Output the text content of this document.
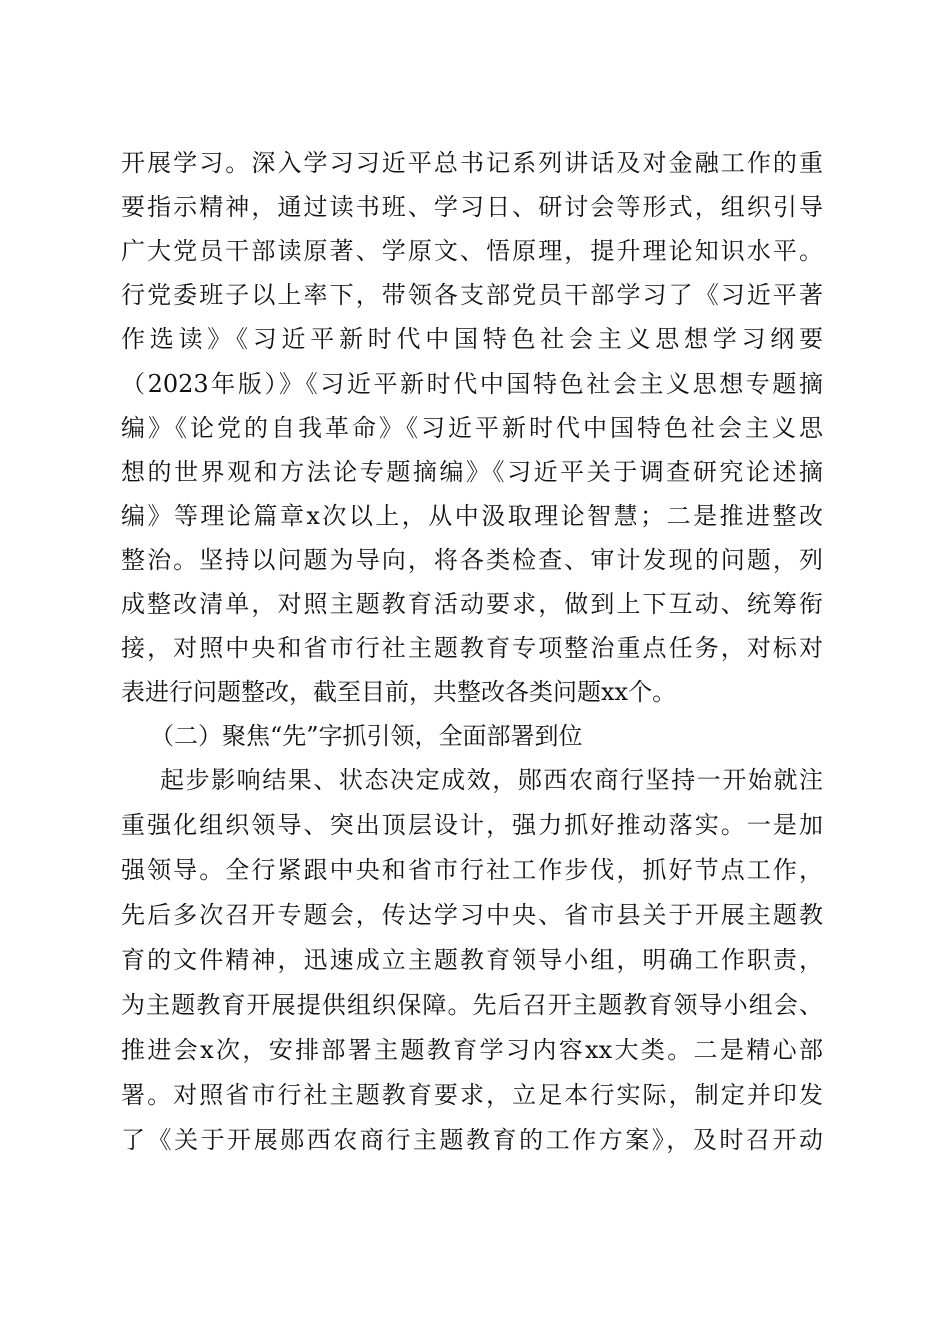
开展学习。深入学习习近平总书记系列讲话及对金融工作的重
要指示精神，通过读书班、学习日、研讨会等形式，组织引导
广大党员干部读原著、学原文、悟原理，提升理论知识水平。
行党委班子以上率下，带领各支部党员干部学习了《习近平著
作选读》《习近平新时代中国特色社会主义思想学习纲要
（2023年版）》《习近平新时代中国特色社会主义思想专题摘
编》《论党的自我革命》《习近平新时代中国特色社会主义思
想的世界观和方法论专题摘编》《习近平关于调查研究论述摘
编》等理论篇章x次以上，从中汲取理论智慧；二是推进整改
整治。坚持以问题为导向，将各类检查、审计发现的问题，列
成整改清单，对照主题教育活动要求，做到上下互动、统筹衔
接，对照中央和省市行社主题教育专项整治重点任务，对标对
表进行问题整改，截至目前，共整改各类问题xx个。
（二）聚焦“先”字抓引领，全面部署到位
起步影响结果、状态决定成效，郧西农商行坚持一开始就注
重强化组织领导、突出顶层设计，强力抓好推动落实。一是加
强领导。全行紧跟中央和省市行社工作步伐，抓好节点工作，
先后多次召开专题会，传达学习中央、省市县关于开展主题教
育的文件精神，迅速成立主题教育领导小组，明确工作职责，
为主题教育开展提供组织保障。先后召开主题教育领导小组会、
推进会x次，安排部署主题教育学习内容xx大类。二是精心部
署。对照省市行社主题教育要求，立足本行实际，制定并印发
了《关于开展郧西农商行主题教育的工作方案》，及时召开动
